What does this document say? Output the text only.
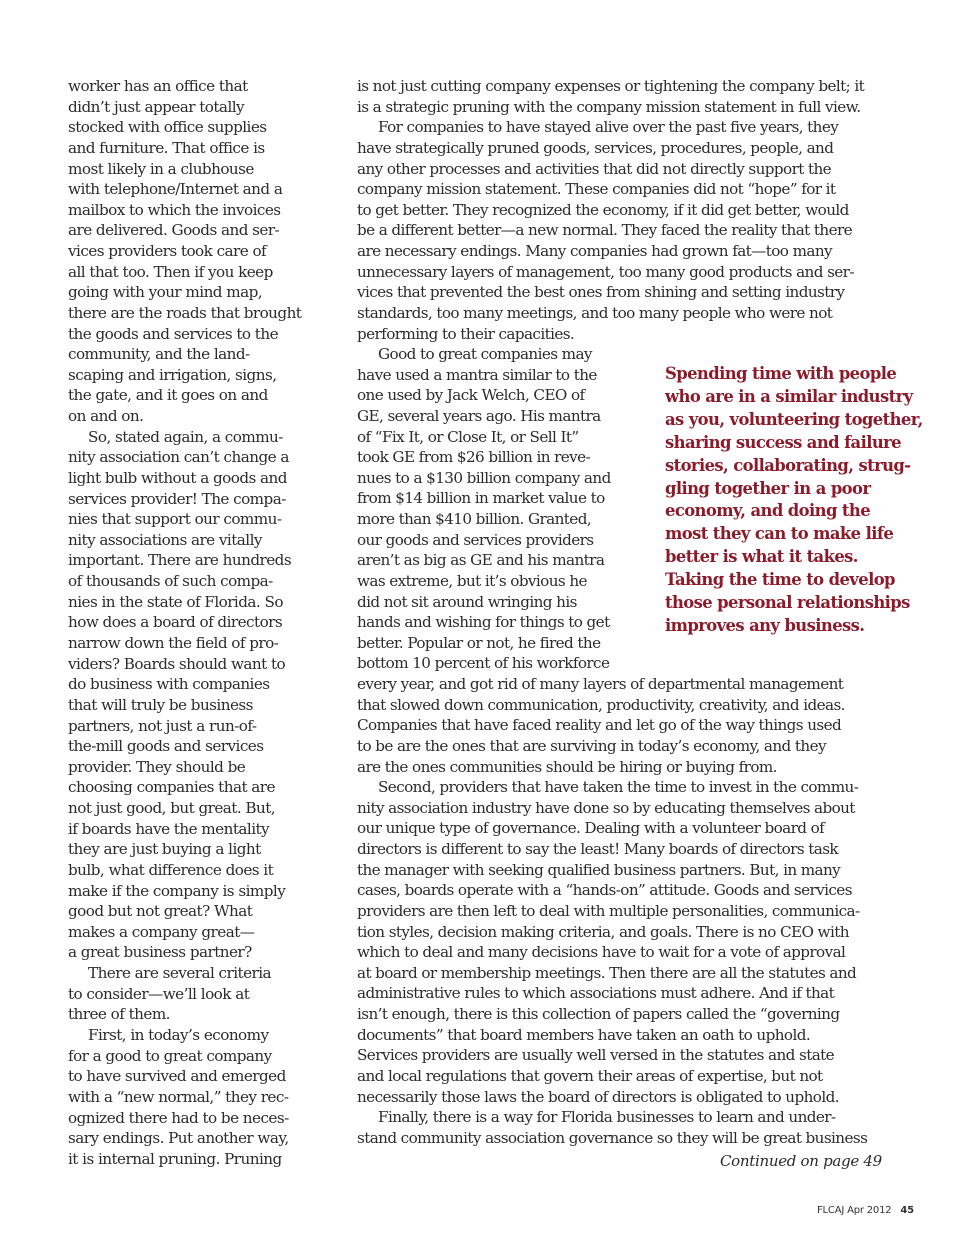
worker has an office that
didn’t just appear totally
stocked with office supplies
and furniture. That office is
most likely in a clubhouse
with telephone/Internet and a
mailbox to which the invoices
are delivered. Goods and ser-
vices providers took care of
all that too. Then if you keep
going with your mind map,
there are the roads that brought
the goods and services to the
community, and the land-
scaping and irrigation, signs,
the gate, and it goes on and
on and on.
So, stated again, a commu-
nity association can’t change a
light bulb without a goods and
services provider! The compa-
nies that support our commu-
nity associations are vitally
important. There are hundreds
of thousands of such compa-
nies in the state of Florida. So
how does a board of directors
narrow down the field of pro-
viders? Boards should want to
do business with companies
that will truly be business
partners, not just a run-of-
the-mill goods and services
provider. They should be
choosing companies that are
not just good, but great. But,
if boards have the mentality
they are just buying a light
bulb, what difference does it
make if the company is simply
good but not great? What
makes a company great—
a great business partner?
There are several criteria
to consider—we’ll look at
three of them.
First, in today’s economy
for a good to great company
to have survived and emerged
with a “new normal,” they rec-
ognized there had to be neces-
sary endings. Put another way,
it is internal pruning. Pruning
is not just cutting company expenses or tightening the company belt; it
is a strategic pruning with the company mission statement in full view.
For companies to have stayed alive over the past five years, they
have strategically pruned goods, services, procedures, people, and
any other processes and activities that did not directly support the
company mission statement. These companies did not “hope” for it
to get better. They recognized the economy, if it did get better, would
be a different better—a new normal. They faced the reality that there
are necessary endings. Many companies had grown fat—too many
unnecessary layers of management, too many good products and ser-
vices that prevented the best ones from shining and setting industry
standards, too many meetings, and too many people who were not
performing to their capacities.
Good to great companies may
have used a mantra similar to the
one used by Jack Welch, CEO of
GE, several years ago. His mantra
of “Fix It, or Close It, or Sell It”
took GE from $26 billion in reve-
nues to a $130 billion company and
from $14 billion in market value to
more than $410 billion. Granted,
our goods and services providers
aren’t as big as GE and his mantra
was extreme, but it’s obvious he
did not sit around wringing his
hands and wishing for things to get
better. Popular or not, he fired the
bottom 10 percent of his workforce
Spending time with people
who are in a similar industry
as you, volunteering together,
sharing success and failure
stories, collaborating, strug-
gling together in a poor
economy, and doing the
most they can to make life
better is what it takes.
Taking the time to develop
those personal relationships
improves any business.
every year, and got rid of many layers of departmental management
that slowed down communication, productivity, creativity, and ideas.
Companies that have faced reality and let go of the way things used
to be are the ones that are surviving in today’s economy, and they
are the ones communities should be hiring or buying from.
Second, providers that have taken the time to invest in the commu-
nity association industry have done so by educating themselves about
our unique type of governance. Dealing with a volunteer board of
directors is different to say the least! Many boards of directors task
the manager with seeking qualified business partners. But, in many
cases, boards operate with a “hands-on” attitude. Goods and services
providers are then left to deal with multiple personalities, communica-
tion styles, decision making criteria, and goals. There is no CEO with
which to deal and many decisions have to wait for a vote of approval
at board or membership meetings. Then there are all the statutes and
administrative rules to which associations must adhere. And if that
isn’t enough, there is this collection of papers called the “governing
documents” that board members have taken an oath to uphold.
Services providers are usually well versed in the statutes and state
and local regulations that govern their areas of expertise, but not
necessarily those laws the board of directors is obligated to uphold.
Finally, there is a way for Florida businesses to learn and under-
stand community association governance so they will be great business
Continued on page 49
FLCAJ Apr 2012 45
